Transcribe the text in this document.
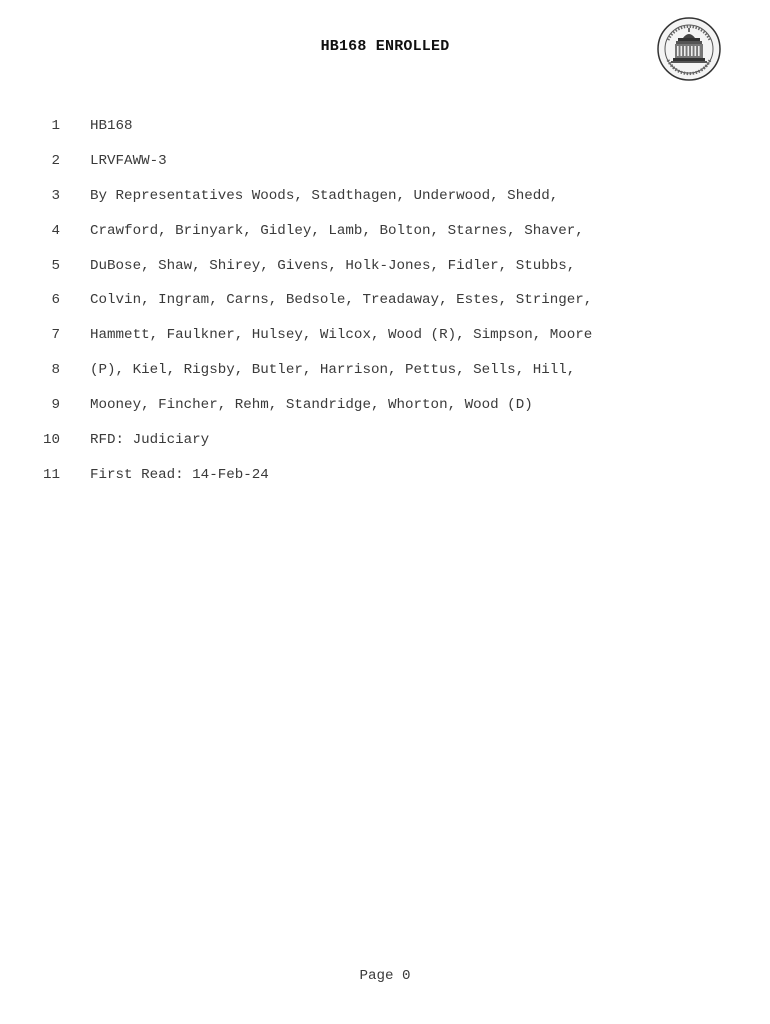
HB168 ENROLLED
1 HB168
2 LRVFAWW-3
3 By Representatives Woods, Stadthagen, Underwood, Shedd,
4 Crawford, Brinyark, Gidley, Lamb, Bolton, Starnes, Shaver,
5 DuBose, Shaw, Shirey, Givens, Holk-Jones, Fidler, Stubbs,
6 Colvin, Ingram, Carns, Bedsole, Treadaway, Estes, Stringer,
7 Hammett, Faulkner, Hulsey, Wilcox, Wood (R), Simpson, Moore
8 (P), Kiel, Rigsby, Butler, Harrison, Pettus, Sells, Hill,
9 Mooney, Fincher, Rehm, Standridge, Whorton, Wood (D)
10 RFD: Judiciary
11 First Read: 14-Feb-24
Page 0
